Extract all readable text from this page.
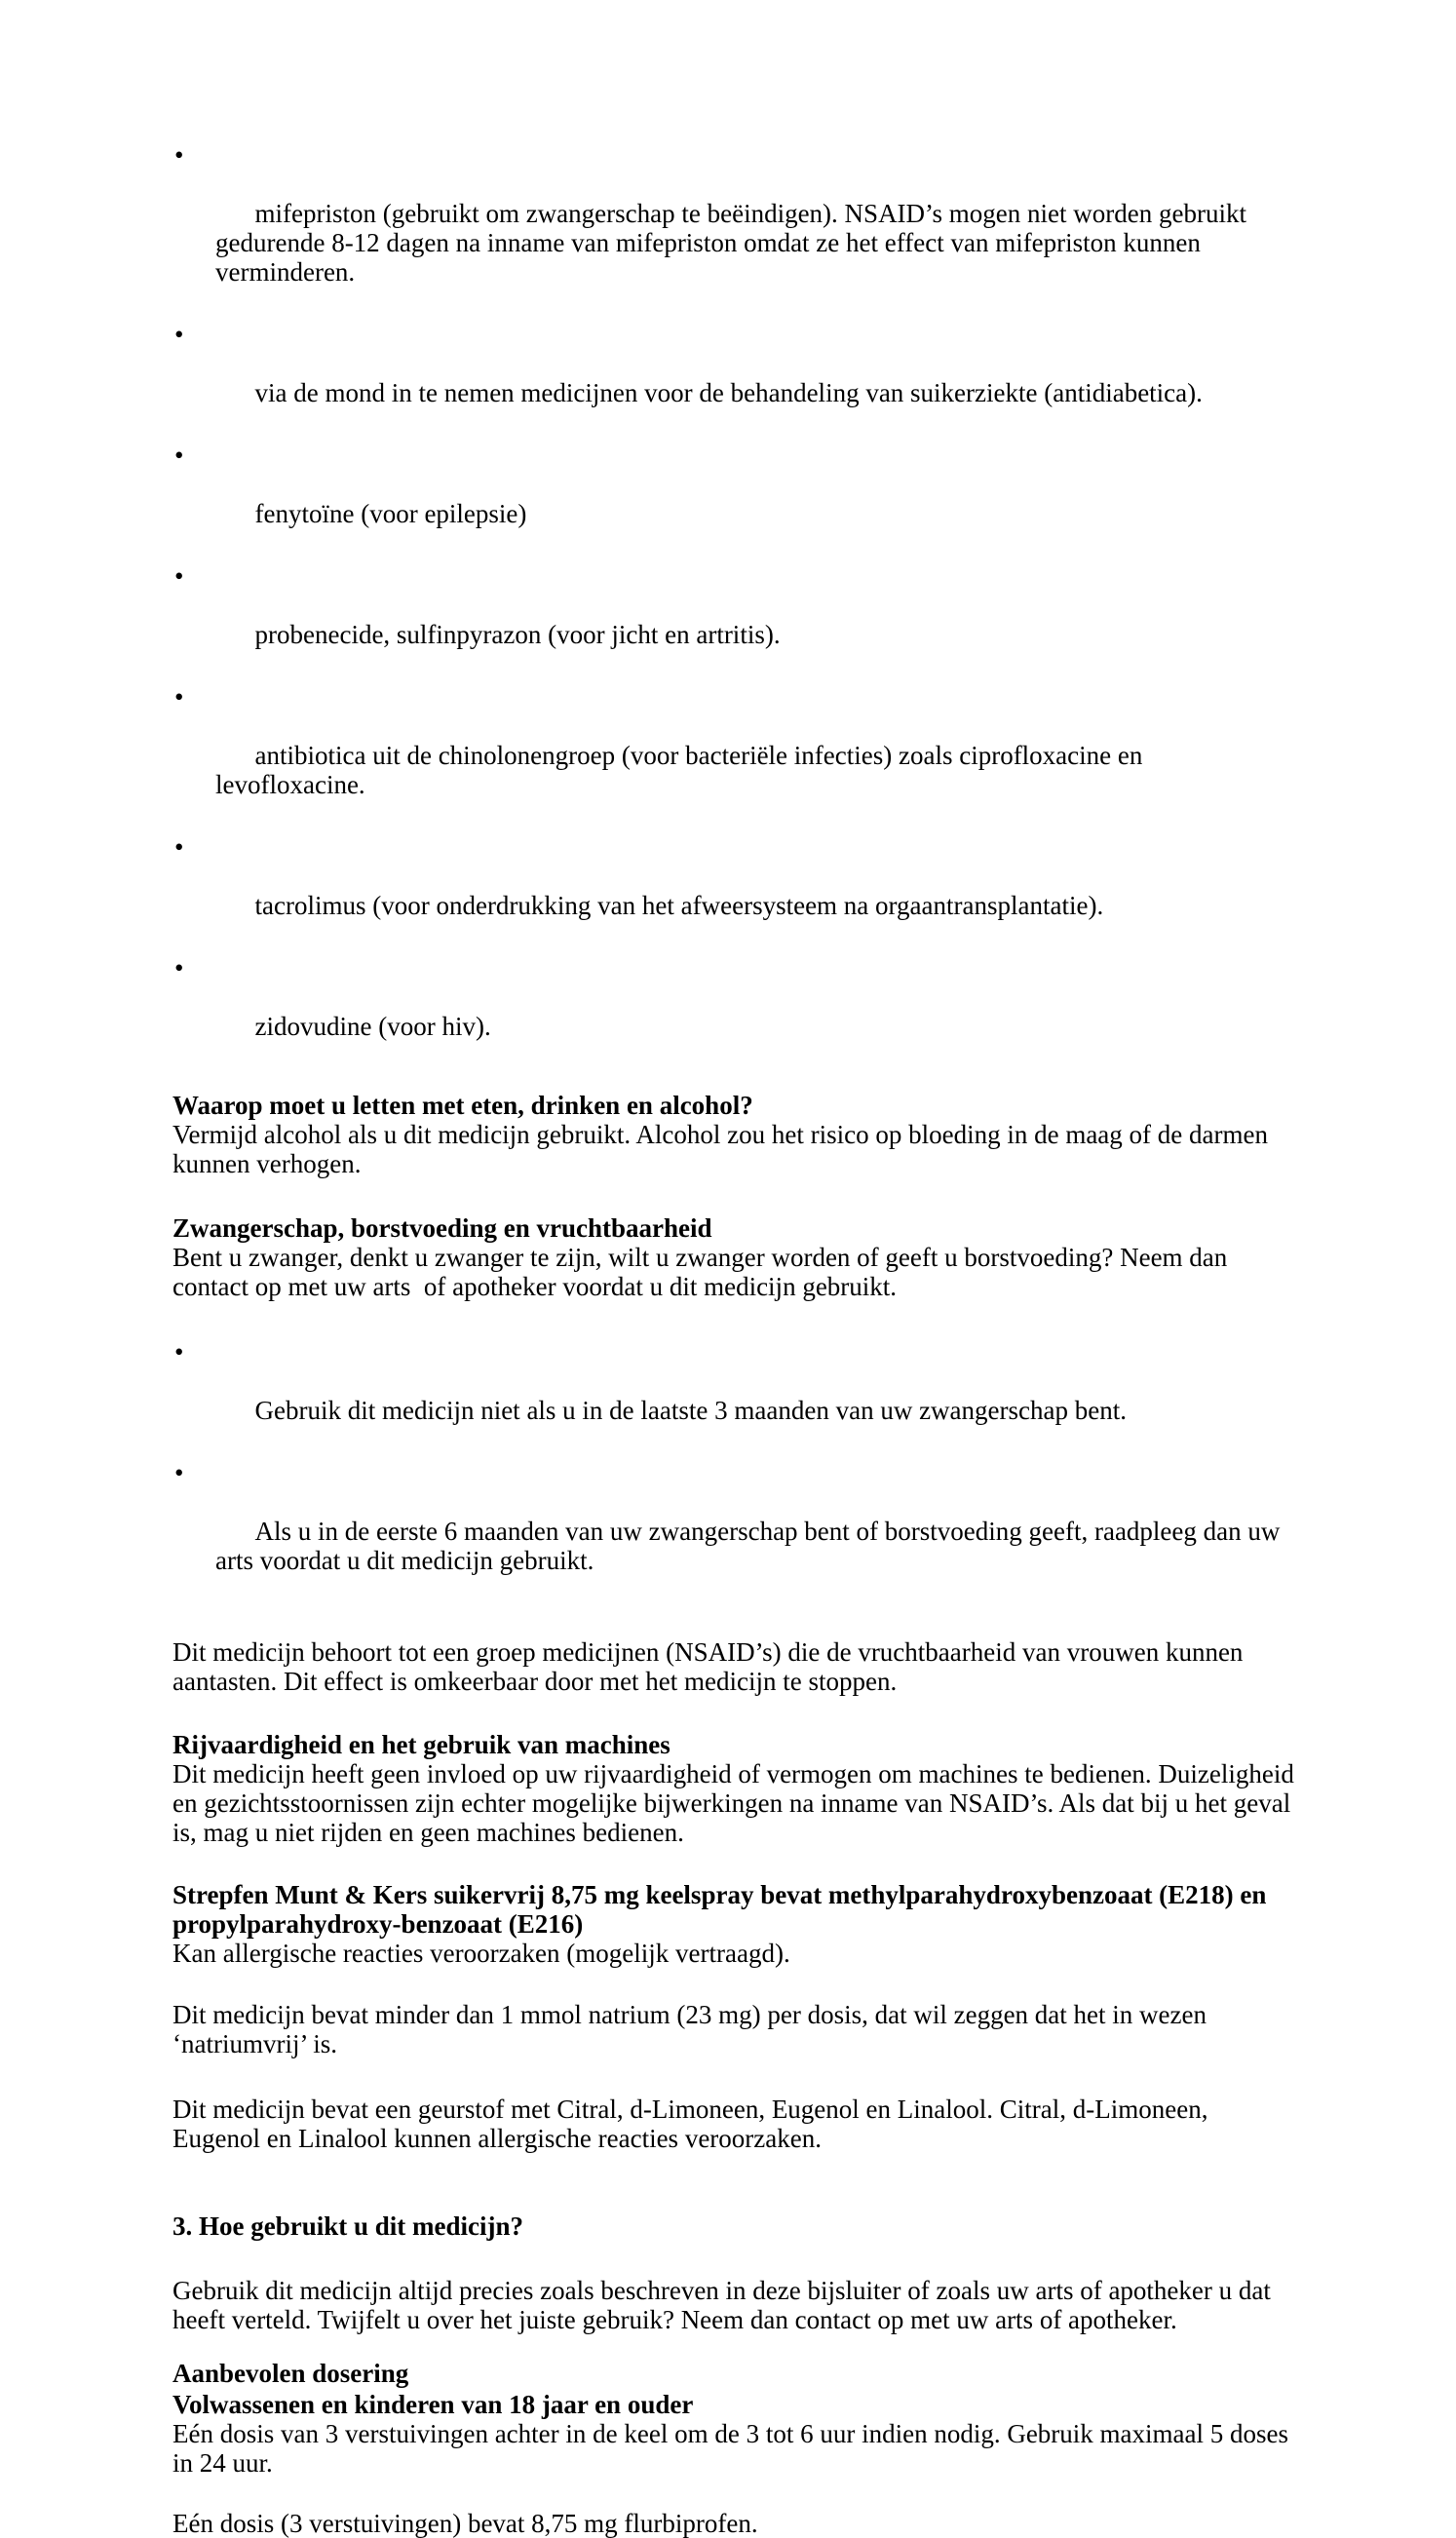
•

mifepriston (gebruikt om zwangerschap te beëindigen). NSAID’s mogen niet worden gebruikt gedurende 8-12 dagen na inname van mifepriston omdat ze het effect van mifepriston kunnen verminderen.

•

via de mond in te nemen medicijnen voor de behandeling van suikerziekte (antidiabetica).

•

fenytoïne (voor epilepsie)

•

probenecide, sulfinpyrazon (voor jicht en artritis).

•

antibiotica uit de chinolonengroep (voor bacteriële infecties) zoals ciprofloxacine en levofloxacine.

•

tacrolimus (voor onderdrukking van het afweersysteem na orgaantransplantatie).

•

zidovudine (voor hiv).

Waarop moet u letten met eten, drinken en alcohol?

Vermijd alcohol als u dit medicijn gebruikt. Alcohol zou het risico op bloeding in de maag of de darmen kunnen verhogen.

Zwangerschap, borstvoeding en vruchtbaarheid

Bent u zwanger, denkt u zwanger te zijn, wilt u zwanger worden of geeft u borstvoeding? Neem dan contact op met uw arts  of apotheker voordat u dit medicijn gebruikt.

•

Gebruik dit medicijn niet als u in de laatste 3 maanden van uw zwangerschap bent.

•

Als u in de eerste 6 maanden van uw zwangerschap bent of borstvoeding geeft, raadpleeg dan uw arts voordat u dit medicijn gebruikt.

Dit medicijn behoort tot een groep medicijnen (NSAID’s) die de vruchtbaarheid van vrouwen kunnen aantasten. Dit effect is omkeerbaar door met het medicijn te stoppen.

Rijvaardigheid en het gebruik van machines

Dit medicijn heeft geen invloed op uw rijvaardigheid of vermogen om machines te bedienen. Duizeligheid en gezichtsstoornissen zijn echter mogelijke bijwerkingen na inname van NSAID’s. Als dat bij u het geval is, mag u niet rijden en geen machines bedienen.

Strepfen Munt & Kers suikervrij 8,75 mg keelspray bevat methylparahydroxybenzoaat (E218) en propylparahydroxy-benzoaat (E216)

Kan allergische reacties veroorzaken (mogelijk vertraagd).

Dit medicijn bevat minder dan 1 mmol natrium (23 mg) per dosis, dat wil zeggen dat het in wezen ‘natriumvrij’ is.

Dit medicijn bevat een geurstof met Citral, d-Limoneen, Eugenol en Linalool. Citral, d-Limoneen, Eugenol en Linalool kunnen allergische reacties veroorzaken.

3. Hoe gebruikt u dit medicijn?

Gebruik dit medicijn altijd precies zoals beschreven in deze bijsluiter of zoals uw arts of apotheker u dat heeft verteld. Twijfelt u over het juiste gebruik? Neem dan contact op met uw arts of apotheker.

Aanbevolen dosering
Volwassenen en kinderen van 18 jaar en ouder

Eén dosis van 3 verstuivingen achter in de keel om de 3 tot 6 uur indien nodig. Gebruik maximaal 5 doses in 24 uur.

Eén dosis (3 verstuivingen) bevat 8,75 mg flurbiprofen.
